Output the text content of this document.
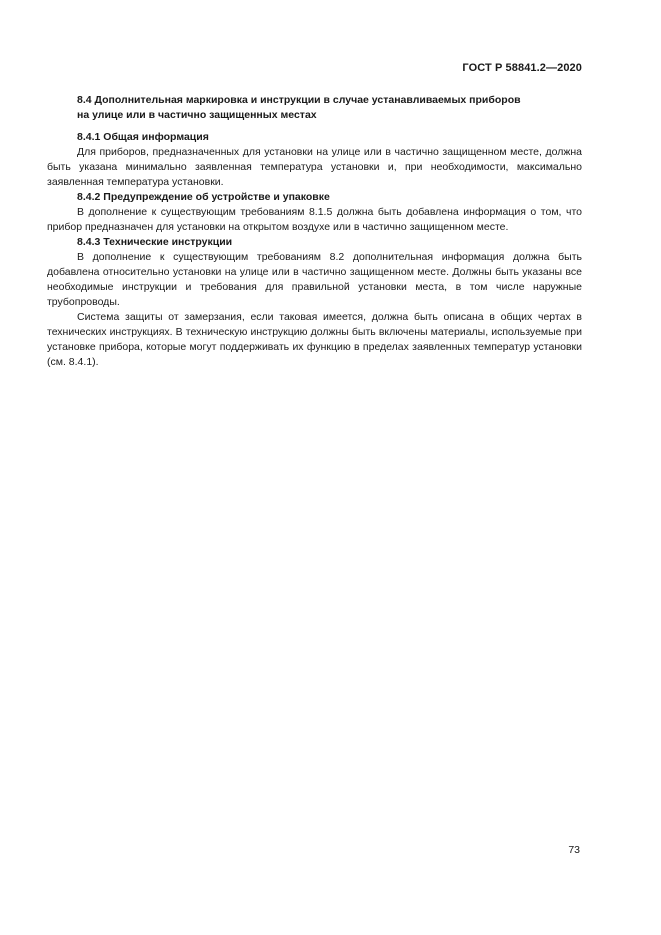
ГОСТ Р 58841.2—2020
8.4 Дополнительная маркировка и инструкции в случае устанавливаемых приборов
на улице или в частично защищенных местах
8.4.1 Общая информация

Для приборов, предназначенных для установки на улице или в частично защищенном месте, должна быть указана минимально заявленная температура установки и, при необходимости, максимально заявленная температура установки.

8.4.2 Предупреждение об устройстве и упаковке

В дополнение к существующим требованиям 8.1.5 должна быть добавлена информация о том, что прибор предназначен для установки на открытом воздухе или в частично защищенном месте.

8.4.3 Технические инструкции

В дополнение к существующим требованиям 8.2 дополнительная информация должна быть добавлена относительно установки на улице или в частично защищенном месте. Должны быть указаны все необходимые инструкции и требования для правильной установки места, в том числе наружные трубопроводы.

Система защиты от замерзания, если таковая имеется, должна быть описана в общих чертах в технических инструкциях. В техническую инструкцию должны быть включены материалы, используемые при установке прибора, которые могут поддерживать их функцию в пределах заявленных температур установки (см. 8.4.1).

73
